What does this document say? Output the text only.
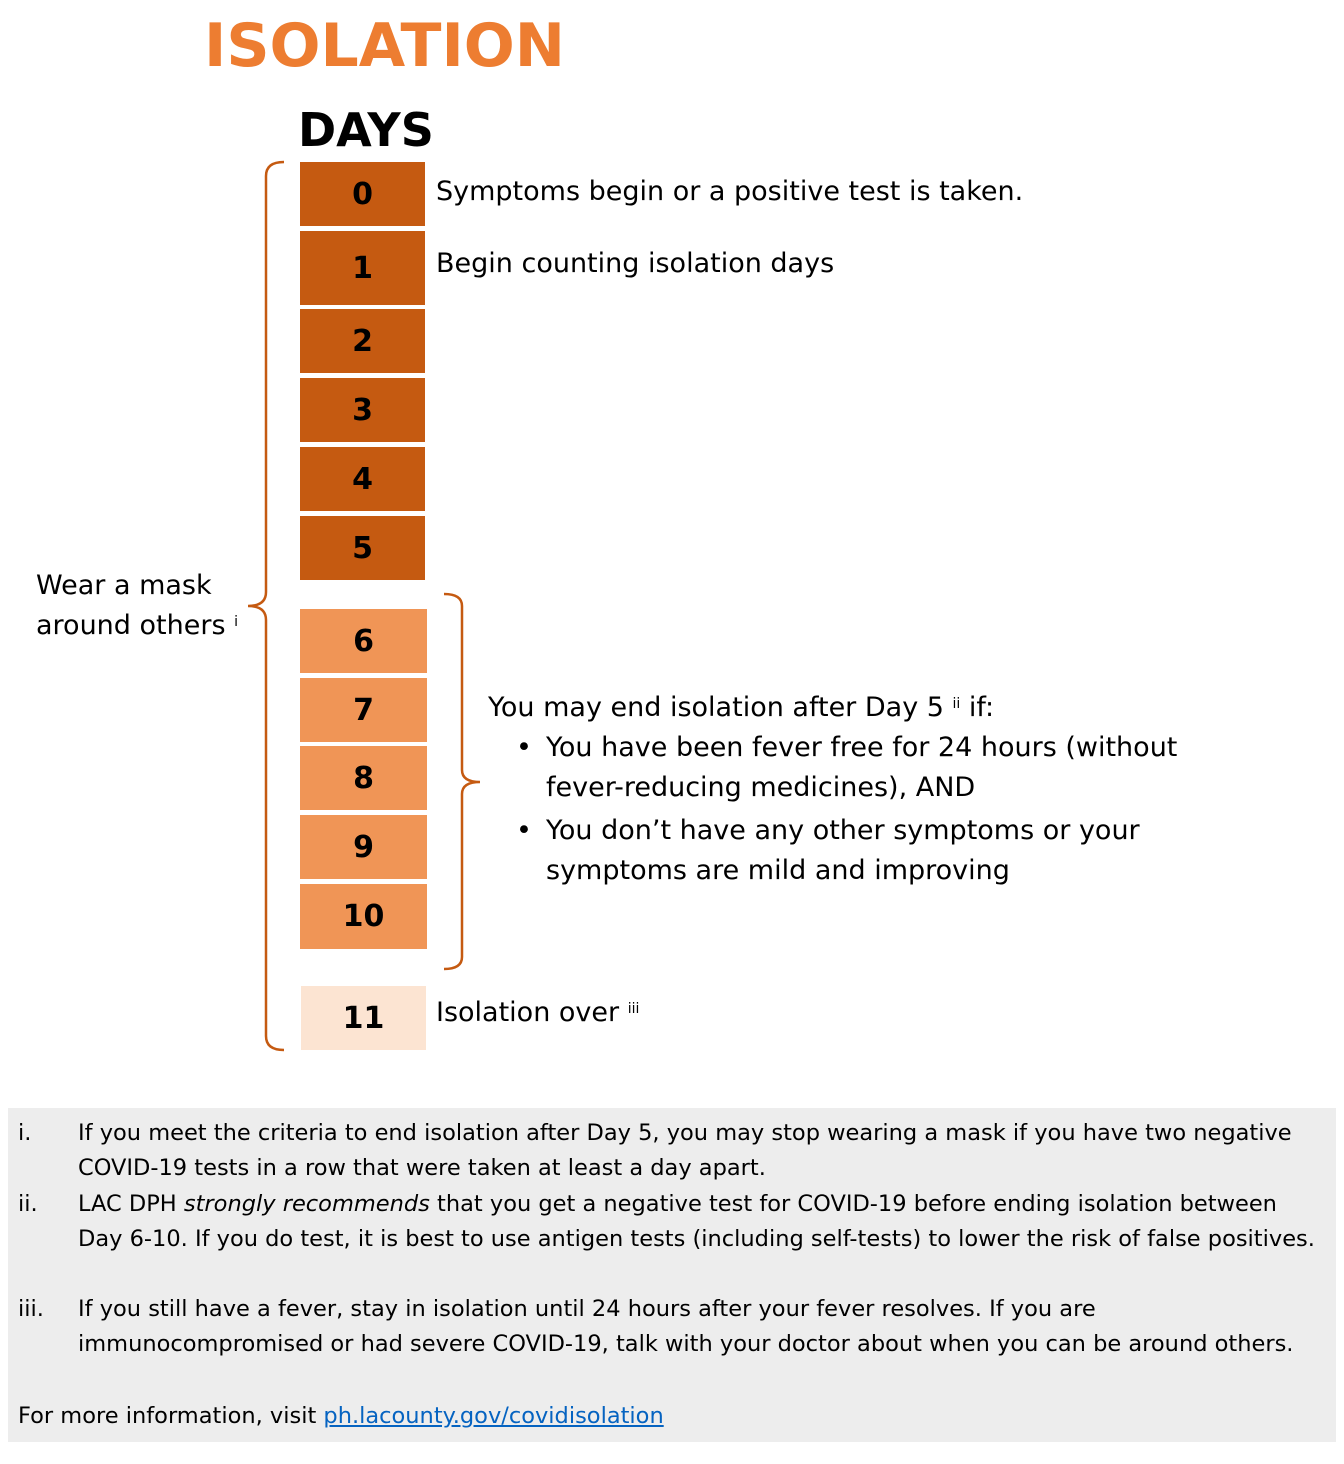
ISOLATION
DAYS
0
1
2
3
4
5
6
7
8
9
10
11
Symptoms begin or a positive test is taken.
Begin counting isolation days
Isolation over $^{iii}$
Wear a mask
around others $^i$
You may end isolation after Day 5 $^{ii}$ if:
• You have been fever free for 24 hours (without
fever-reducing medicines), AND
• You don’t have any other symptoms or your
symptoms are mild and improving
i. If you meet the criteria to end isolation after Day 5, you may stop wearing a mask if you have two negative COVID-19 tests in a row that were taken at least a day apart.
ii. LAC DPH strongly recommends that you get a negative test for COVID-19 before ending isolation between Day 6-10. If you do test, it is best to use antigen tests (including self-tests) to lower the risk of false positives.
iii. If you still have a fever, stay in isolation until 24 hours after your fever resolves. If you are immunocompromised or had severe COVID-19, talk with your doctor about when you can be around others.
For more information, visit ph.lacounty.gov/covidisolation
